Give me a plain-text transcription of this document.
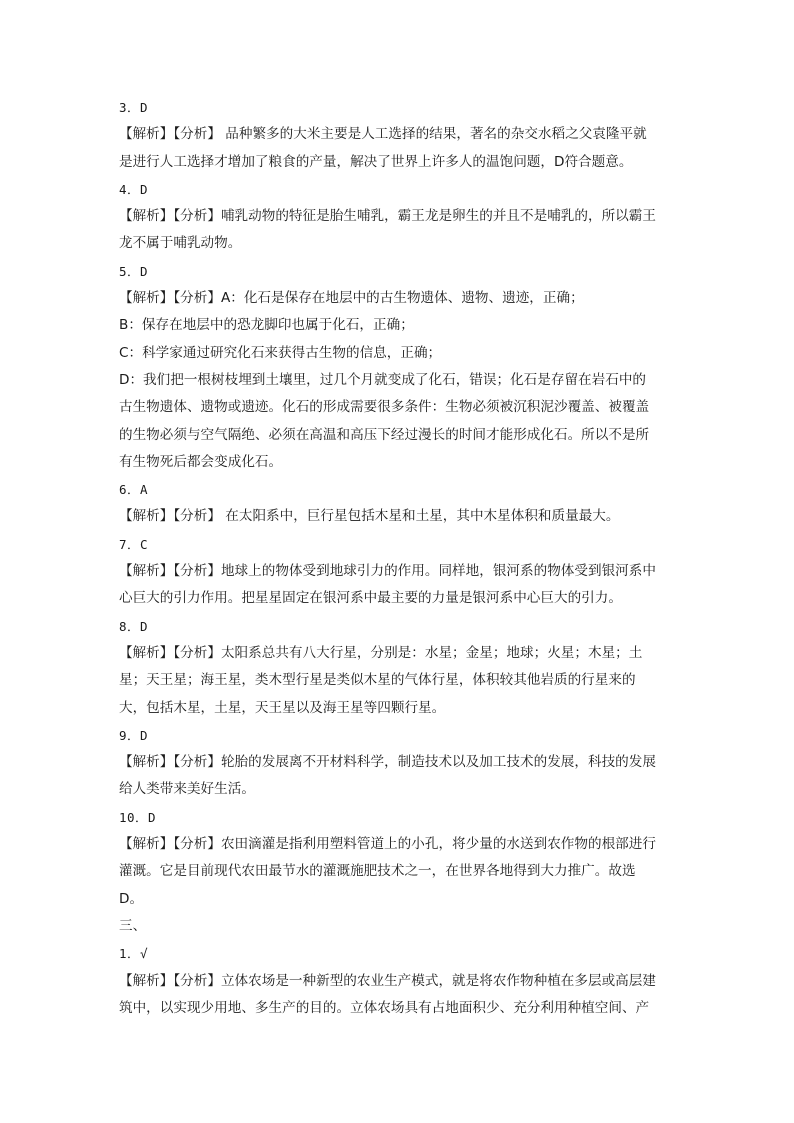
3．D
【解析】【分析】 品种繁多的大米主要是人工选择的结果，著名的杂交水稻之父袁隆平就
是进行人工选择才增加了粮食的产量，解决了世界上许多人的温饱问题，D符合题意。
4．D
【解析】【分析】哺乳动物的特征是胎生哺乳，霸王龙是卵生的并且不是哺乳的，所以霸王
龙不属于哺乳动物。
5．D
【解析】【分析】A：化石是保存在地层中的古生物遗体、遗物、遗迹，正确；
B：保存在地层中的恐龙脚印也属于化石，正确；
C：科学家通过研究化石来获得古生物的信息，正确；
D：我们把一根树枝埋到土壤里，过几个月就变成了化石，错误；化石是存留在岩石中的
古生物遗体、遗物或遗迹。化石的形成需要很多条件：生物必须被沉积泥沙覆盖、被覆盖
的生物必须与空气隔绝、必须在高温和高压下经过漫长的时间才能形成化石。所以不是所
有生物死后都会变成化石。
6．A
【解析】【分析】 在太阳系中，巨行星包括木星和土星，其中木星体积和质量最大。
7．C
【解析】【分析】地球上的物体受到地球引力的作用。同样地，银河系的物体受到银河系中
心巨大的引力作用。把星星固定在银河系中最主要的力量是银河系中心巨大的引力。
8．D
【解析】【分析】太阳系总共有八大行星，分别是：水星；金星；地球；火星；木星；土
星；天王星；海王星，类木型行星是类似木星的气体行星，体积较其他岩质的行星来的
大，包括木星，土星，天王星以及海王星等四颗行星。
9．D
【解析】【分析】轮胎的发展离不开材料科学，制造技术以及加工技术的发展，科技的发展
给人类带来美好生活。
10．D
【解析】【分析】农田滴灌是指利用塑料管道上的小孔，将少量的水送到农作物的根部进行
灌溉。它是目前现代农田最节水的灌溉施肥技术之一，在世界各地得到大力推广。故选
D。
三、
1．√
【解析】【分析】立体农场是一种新型的农业生产模式，就是将农作物种植在多层或高层建
筑中，以实现少用地、多生产的目的。立体农场具有占地面积少、充分利用种植空间、产
